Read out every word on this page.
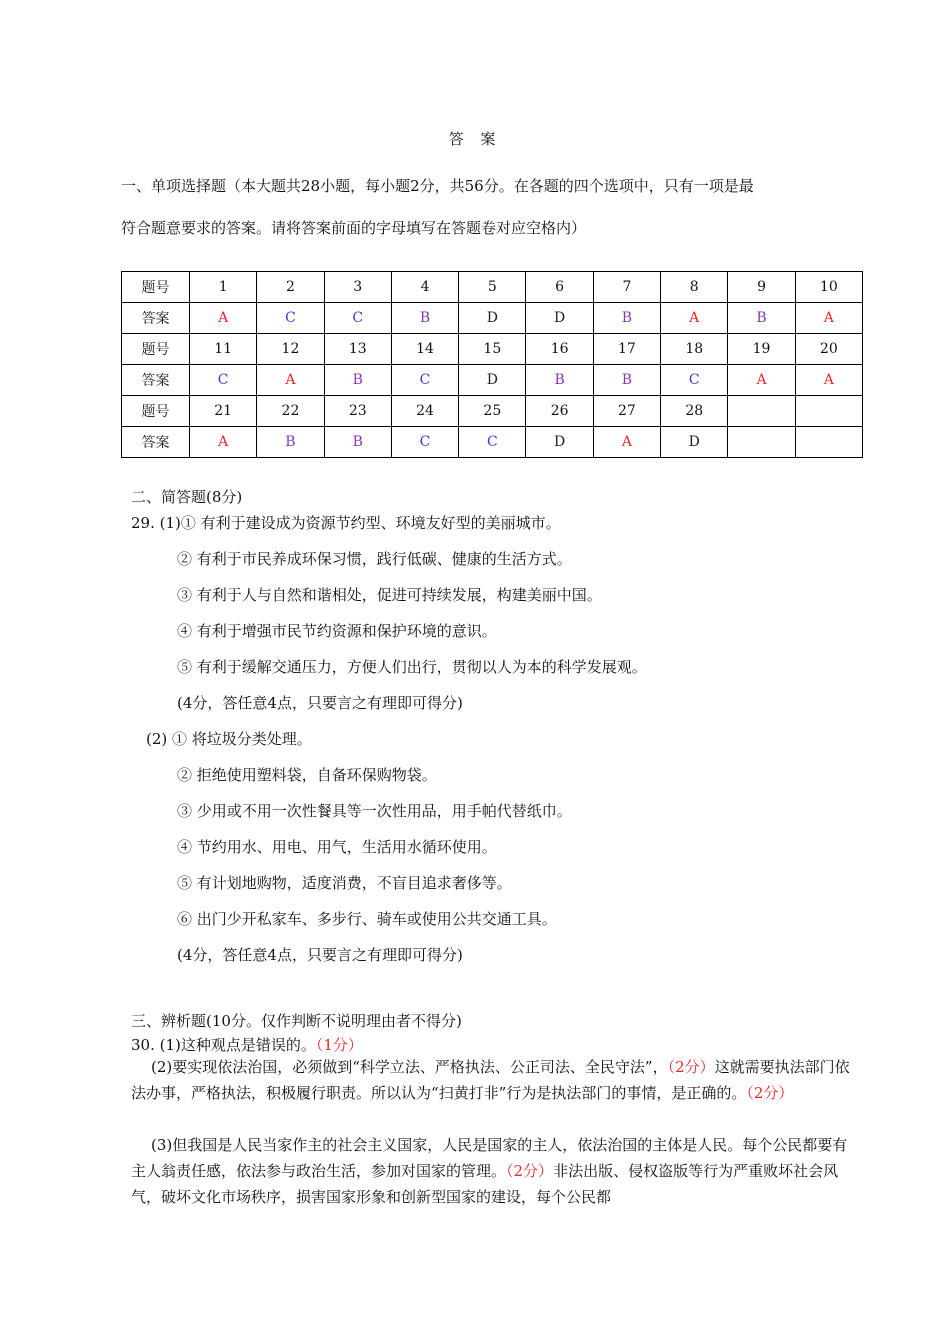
答 案
一、单项选择题（本大题共28小题，每小题2分，共56分。在各题的四个选项中，只有一项是最
符合题意要求的答案。请将答案前面的字母填写在答题卷对应空格内）
题号	1	2	3	4	5	6	7	8	9	10
答案	A	C	C	B	D	D	B	A	B	A
题号	11	12	13	14	15	16	17	18	19	20
答案	C	A	B	C	D	B	B	C	A	A
题号	21	22	23	24	25	26	27	28		
答案	A	B	B	C	C	D	A	D		
二、简答题(8分)
29. (1)① 有利于建设成为资源节约型、环境友好型的美丽城市。
② 有利于市民养成环保习惯，践行低碳、健康的生活方式。
③ 有利于人与自然和谐相处，促进可持续发展，构建美丽中国。
④ 有利于增强市民节约资源和保护环境的意识。
⑤ 有利于缓解交通压力，方便人们出行，贯彻以人为本的科学发展观。
(4分，答任意4点，只要言之有理即可得分)
(2) ① 将垃圾分类处理。
② 拒绝使用塑料袋，自备环保购物袋。
③ 少用或不用一次性餐具等一次性用品，用手帕代替纸巾。
④ 节约用水、用电、用气，生活用水循环使用。
⑤ 有计划地购物，适度消费，不盲目追求奢侈等。
⑥ 出门少开私家车、多步行、骑车或使用公共交通工具。
(4分，答任意4点，只要言之有理即可得分)
三、辨析题(10分。仅作判断不说明理由者不得分)
30. (1)这种观点是错误的。（1分）
(2)要实现依法治国，必须做到“科学立法、严格执法、公正司法、全民守法”，（2分）这就需要执法部门依法办事，严格执法，积极履行职责。所以认为“扫黄打非”行为是执法部门的事情，是正确的。（2分）
(3)但我国是人民当家作主的社会主义国家，人民是国家的主人，依法治国的主体是人民。每个公民都要有主人翁责任感，依法参与政治生活，参加对国家的管理。（2分）非法出版、侵权盗版等行为严重败坏社会风气，破坏文化市场秩序，损害国家形象和创新型国家的建设，每个公民都
